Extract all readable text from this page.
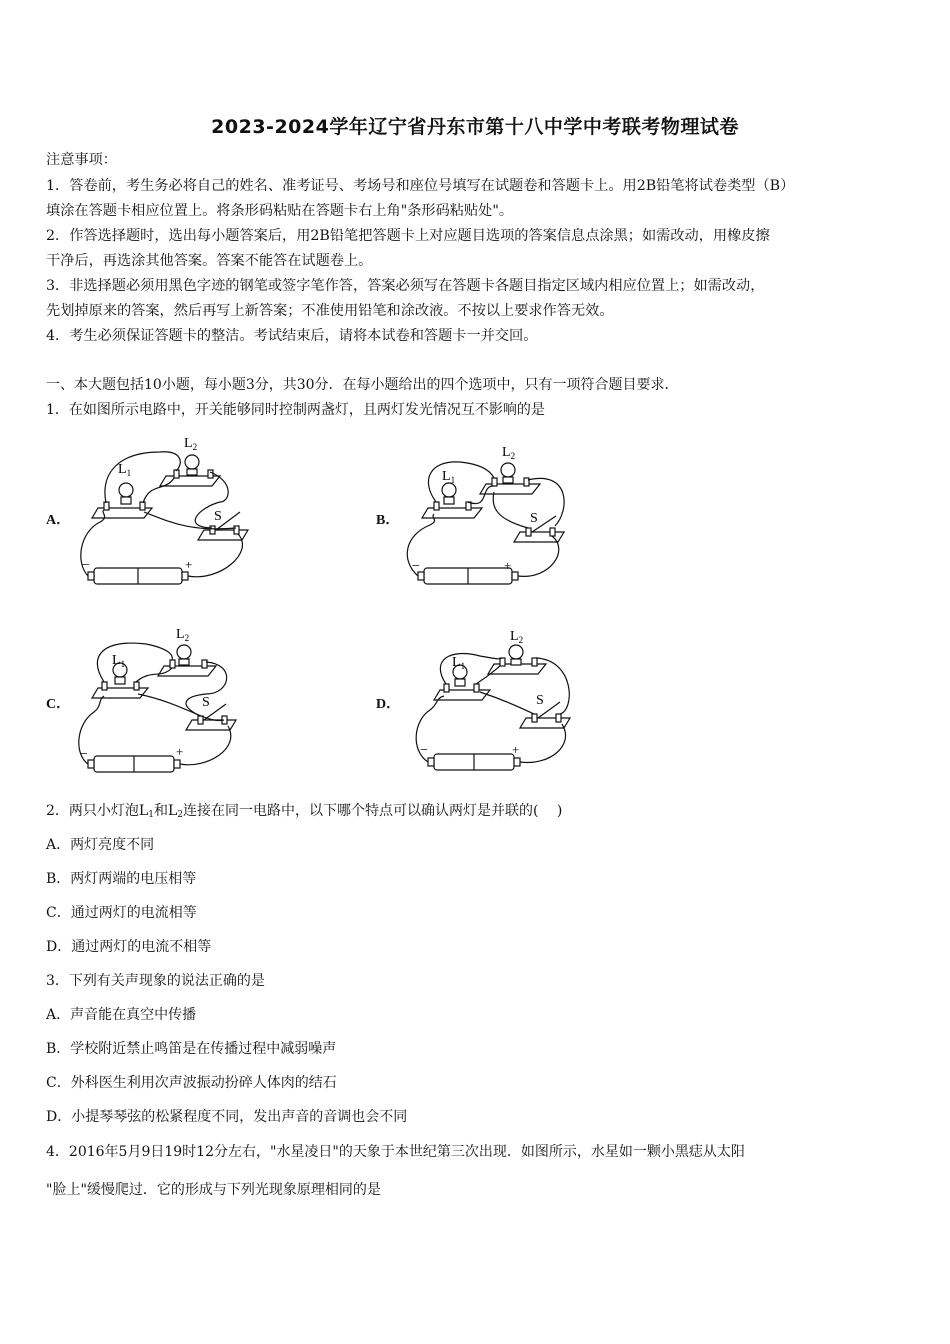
2023-2024学年辽宁省丹东市第十八中学中考联考物理试卷
注意事项：
1．答卷前，考生务必将自己的姓名、准考证号、考场号和座位号填写在试题卷和答题卡上。用2B铅笔将试卷类型（B）
填涂在答题卡相应位置上。将条形码粘贴在答题卡右上角"条形码粘贴处"。
2．作答选择题时，选出每小题答案后，用2B铅笔把答题卡上对应题目选项的答案信息点涂黑；如需改动，用橡皮擦
干净后，再选涂其他答案。答案不能答在试题卷上。
3．非选择题必须用黑色字迹的钢笔或签字笔作答，答案必须写在答题卡各题目指定区域内相应位置上；如需改动，
先划掉原来的答案，然后再写上新答案；不准使用铅笔和涂改液。不按以上要求作答无效。
4．考生必须保证答题卡的整洁。考试结束后，请将本试卷和答题卡一并交回。
一、本大题包括10小题，每小题3分，共30分．在每小题给出的四个选项中，只有一项符合题目要求．
1．在如图所示电路中，开关能够同时控制两盏灯，且两灯发光情况互不影响的是
A．	B．
C．	D．
$L_1$
$L_2$
S
−	+
$L_1$
$L_2$
S
−	+
$L_1$
$L_2$
S
−	+
$L_1$
$L_2$
S
−	+
2．两只小灯泡$L_1$和$L_2$连接在同一电路中，以下哪个特点可以确认两灯是并联的(　 )
A．两灯亮度不同
B．两灯两端的电压相等
C．通过两灯的电流相等
D．通过两灯的电流不相等
3．下列有关声现象的说法正确的是
A．声音能在真空中传播
B．学校附近禁止鸣笛是在传播过程中减弱噪声
C．外科医生利用次声波振动扮碎人体肉的结石
D．小提琴琴弦的松紧程度不同，发出声音的音调也会不同
4．2016年5月9日19时12分左右，"水星凌日"的天象于本世纪第三次出现．如图所示，水星如一颗小黑痣从太阳
"脸上"缓慢爬过．它的形成与下列光现象原理相同的是
